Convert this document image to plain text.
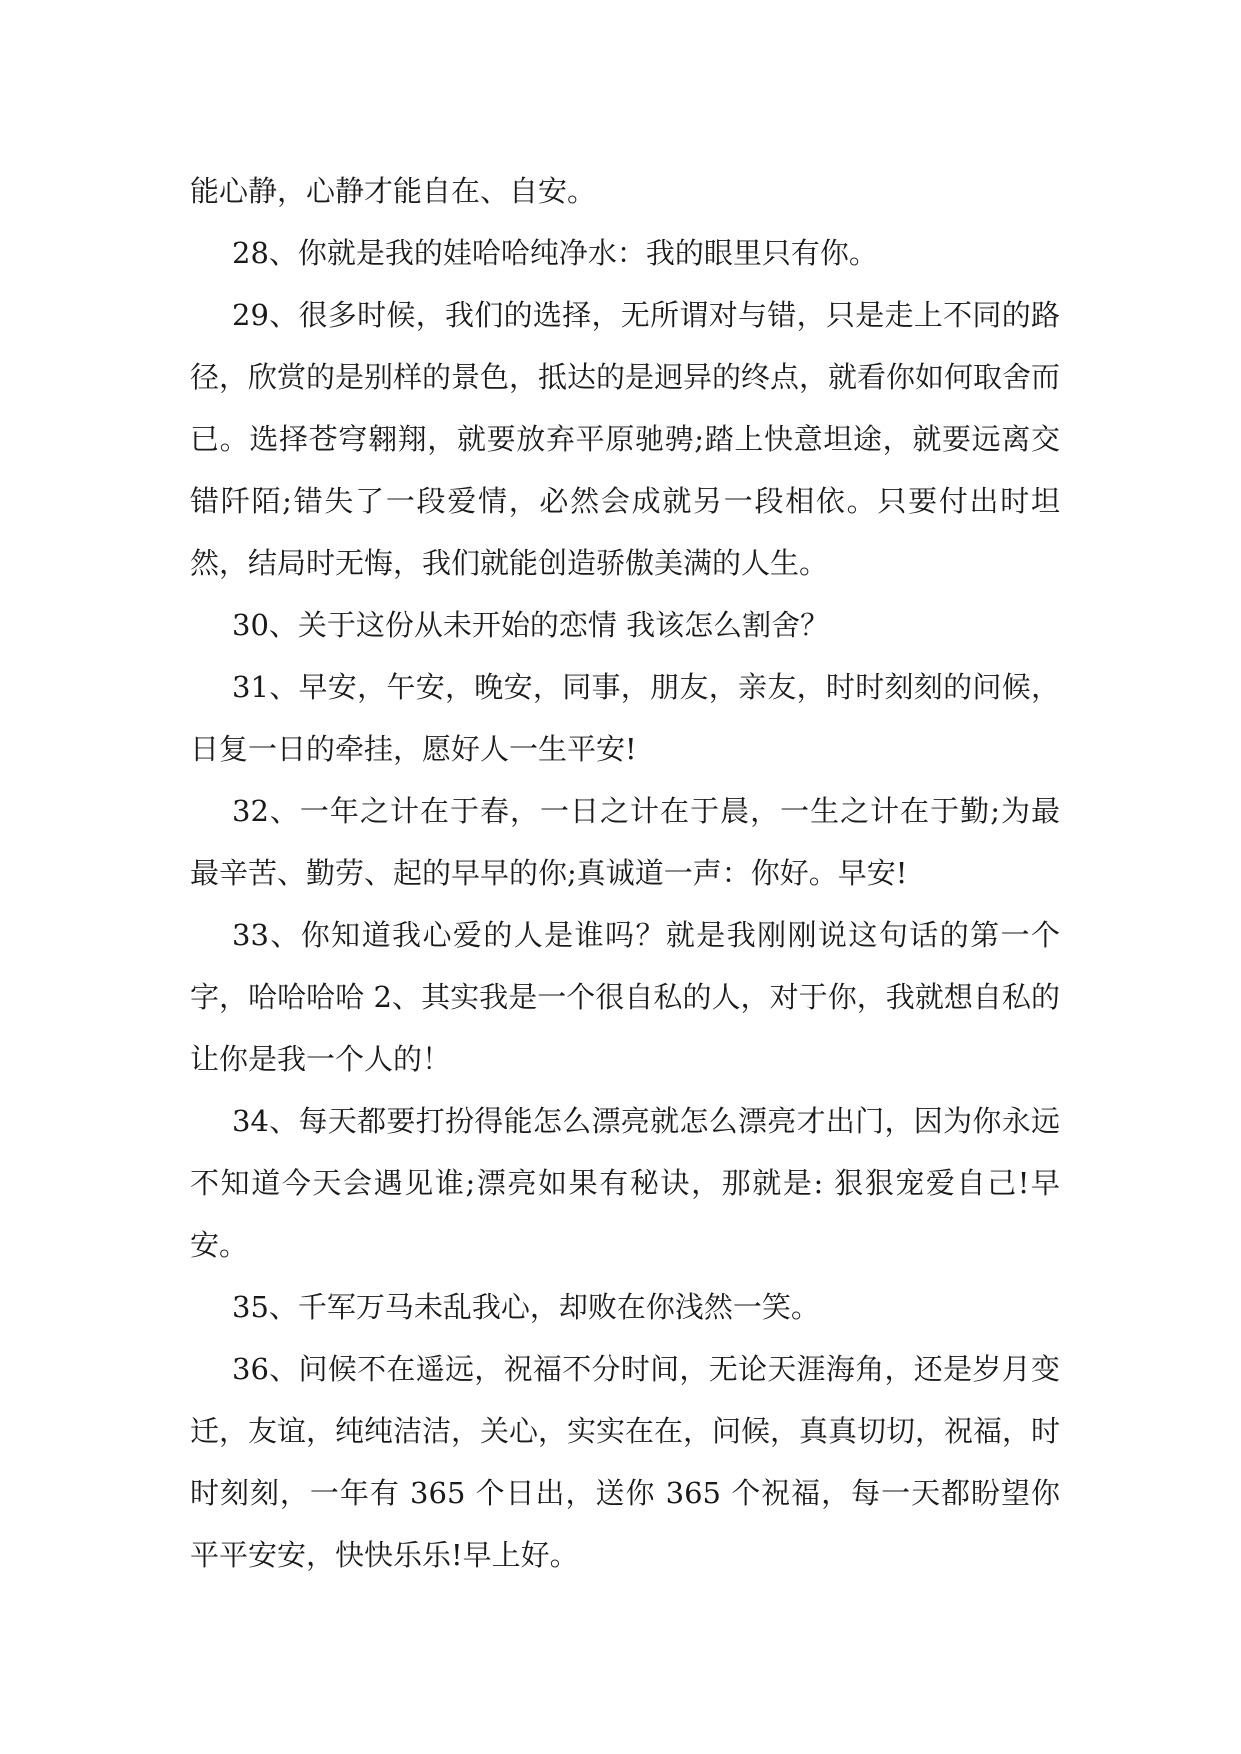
能心静，心静才能自在、自安。

28、你就是我的娃哈哈纯净水：我的眼里只有你。

29、很多时候，我们的选择，无所谓对与错，只是走上不同的路径，欣赏的是别样的景色，抵达的是迥异的终点，就看你如何取舍而已。选择苍穹翱翔，就要放弃平原驰骋;踏上快意坦途，就要远离交错阡陌;错失了一段爱情，必然会成就另一段相依。只要付出时坦然，结局时无悔，我们就能创造骄傲美满的人生。

30、关于这份从未开始的恋情 我该怎么割舍？

31、早安，午安，晚安，同事，朋友，亲友，时时刻刻的问候，日复一日的牵挂，愿好人一生平安!

32、一年之计在于春，一日之计在于晨，一生之计在于勤;为最最辛苦、勤劳、起的早早的你;真诚道一声：你好。早安!

33、你知道我心爱的人是谁吗？就是我刚刚说这句话的第一个字，哈哈哈哈 2、其实我是一个很自私的人，对于你，我就想自私的让你是我一个人的！

34、每天都要打扮得能怎么漂亮就怎么漂亮才出门，因为你永远不知道今天会遇见谁;漂亮如果有秘诀，那就是: 狠狠宠爱自己!早安。

35、千军万马未乱我心，却败在你浅然一笑。

36、问候不在遥远，祝福不分时间，无论天涯海角，还是岁月变迁，友谊，纯纯洁洁，关心，实实在在，问候，真真切切，祝福，时时刻刻，一年有 365 个日出，送你 365 个祝福，每一天都盼望你平平安安，快快乐乐!早上好。
